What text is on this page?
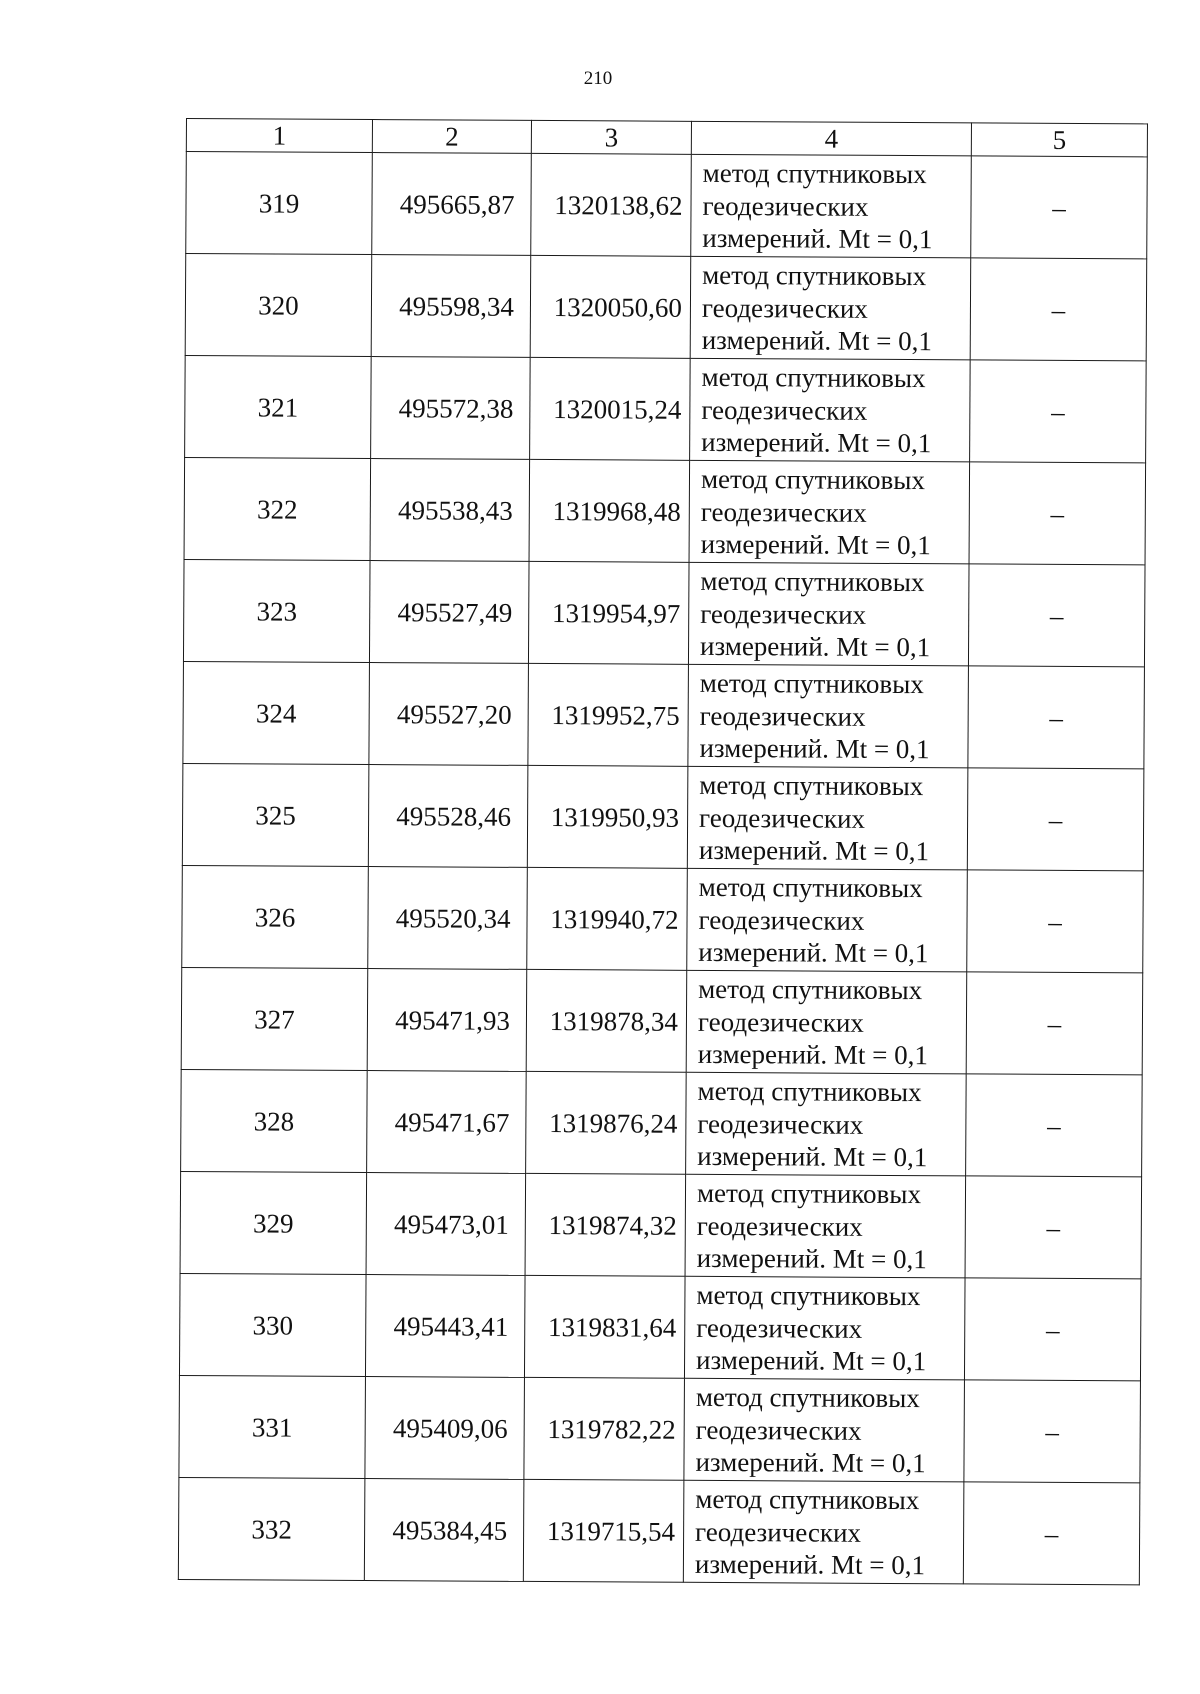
210
1	2	3	4	5
319	495665,87	1320138,62	метод спутниковых
геодезических
измерений. Mt = 0,1	–
320	495598,34	1320050,60	метод спутниковых
геодезических
измерений. Mt = 0,1	–
321	495572,38	1320015,24	метод спутниковых
геодезических
измерений. Mt = 0,1	–
322	495538,43	1319968,48	метод спутниковых
геодезических
измерений. Mt = 0,1	–
323	495527,49	1319954,97	метод спутниковых
геодезических
измерений. Mt = 0,1	–
324	495527,20	1319952,75	метод спутниковых
геодезических
измерений. Mt = 0,1	–
325	495528,46	1319950,93	метод спутниковых
геодезических
измерений. Mt = 0,1	–
326	495520,34	1319940,72	метод спутниковых
геодезических
измерений. Mt = 0,1	–
327	495471,93	1319878,34	метод спутниковых
геодезических
измерений. Mt = 0,1	–
328	495471,67	1319876,24	метод спутниковых
геодезических
измерений. Mt = 0,1	–
329	495473,01	1319874,32	метод спутниковых
геодезических
измерений. Mt = 0,1	–
330	495443,41	1319831,64	метод спутниковых
геодезических
измерений. Mt = 0,1	–
331	495409,06	1319782,22	метод спутниковых
геодезических
измерений. Mt = 0,1	–
332	495384,45	1319715,54	метод спутниковых
геодезических
измерений. Mt = 0,1	–
